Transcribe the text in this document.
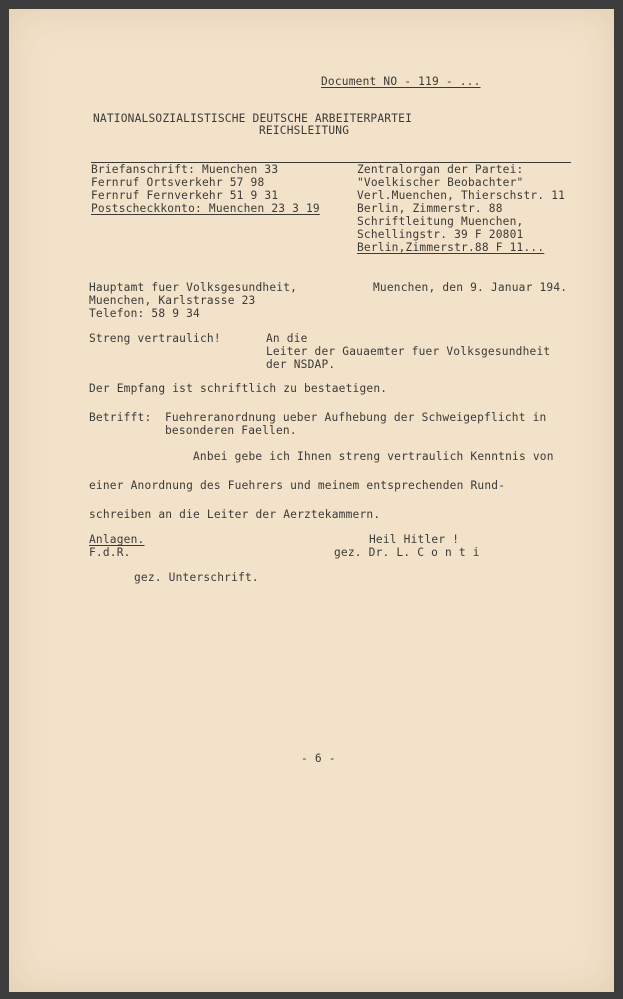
Document NO - 119 - ...
NATIONALSOZIALISTISCHE DEUTSCHE ARBEITERPARTEI
REICHSLEITUNG
Briefanschrift: Muenchen 33
Fernruf Ortsverkehr 57 98
Fernruf Fernverkehr 51 9 31
Postscheckkonto: Muenchen 23 3 19
Zentralorgan der Partei:
"Voelkischer Beobachter"
Verl.Muenchen, Thierschstr. 11
Berlin, Zimmerstr. 88
Schriftleitung Muenchen,
Schellingstr. 39 F 20801
Berlin,Zimmerstr.88 F 11...
Hauptamt fuer Volksgesundheit,
Muenchen, Karlstrasse 23
Telefon: 58 9 34
Muenchen, den 9. Januar 194.
Streng vertraulich!	An die
Leiter der Gauaemter fuer Volksgesundheit
der NSDAP.
Der Empfang ist schriftlich zu bestaetigen.
Betrifft: Fuehreranordnung ueber Aufhebung der Schweigepflicht in
besonderen Faellen.
Anbei gebe ich Ihnen streng vertraulich Kenntnis von
einer Anordnung des Fuehrers und meinem entsprechenden Rund-
schreiben an die Leiter der Aerztekammern.
Anlagen.
F.d.R.
Heil Hitler !
gez. Dr. L. C o n t i
gez. Unterschrift.
- 6 -
